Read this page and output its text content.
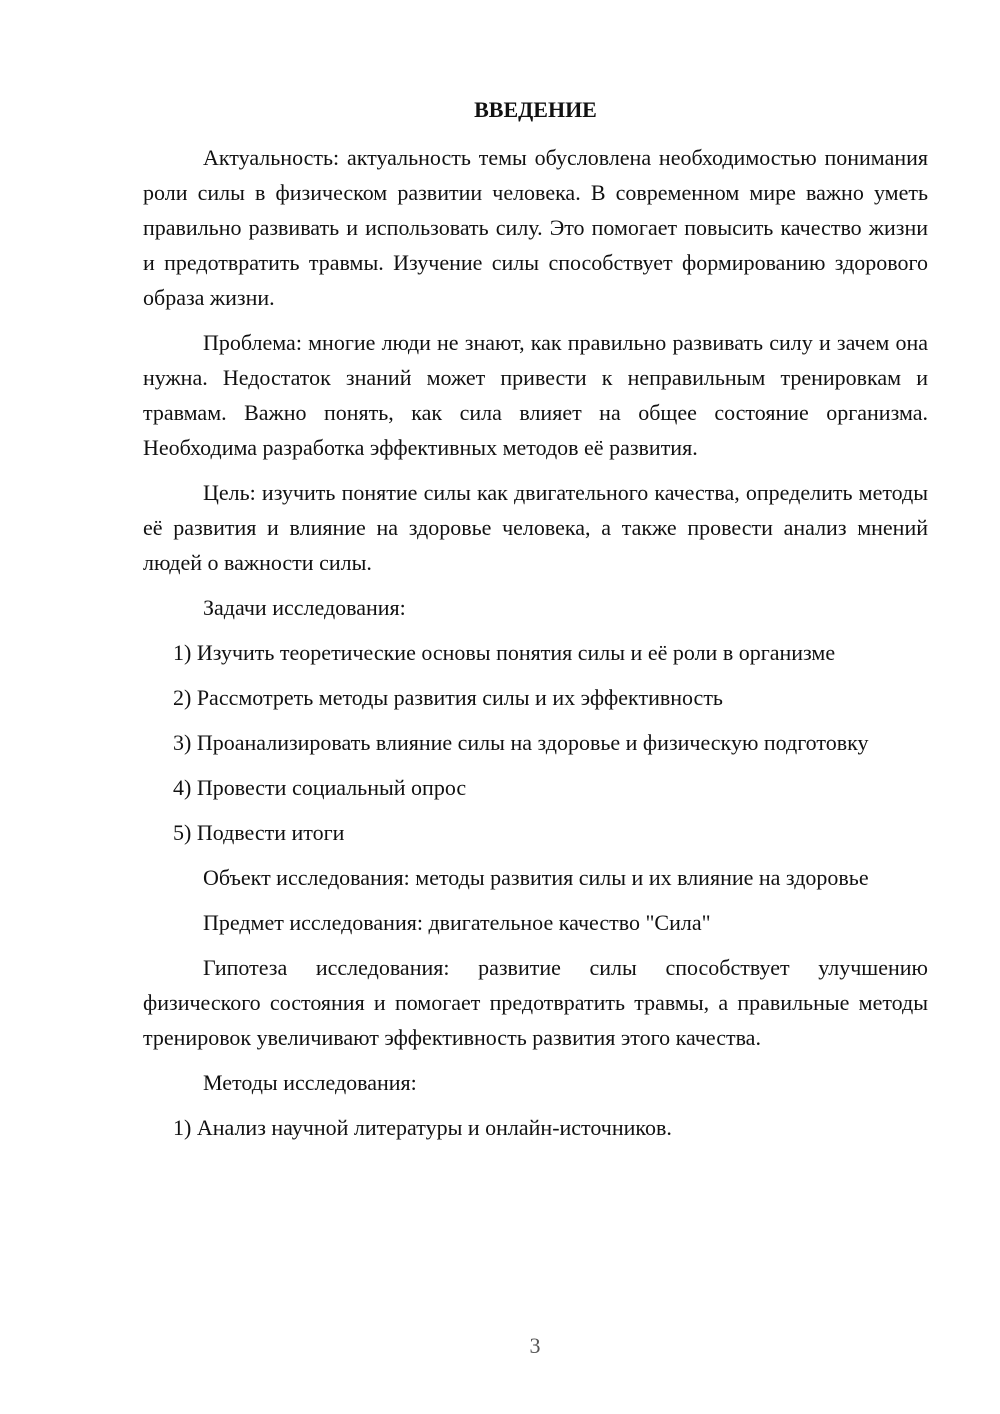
ВВЕДЕНИЕ
Актуальность: актуальность темы обусловлена необходимостью понимания роли силы в физическом развитии человека. В современном мире важно уметь правильно развивать и использовать силу. Это помогает повысить качество жизни и предотвратить травмы. Изучение силы способствует формированию здорового образа жизни.
Проблема: многие люди не знают, как правильно развивать силу и зачем она нужна. Недостаток знаний может привести к неправильным тренировкам и травмам. Важно понять, как сила влияет на общее состояние организма. Необходима разработка эффективных методов её развития.
Цель: изучить понятие силы как двигательного качества, определить методы её развития и влияние на здоровье человека, а также провести анализ мнений людей о важности силы.
Задачи исследования:
1) Изучить теоретические основы понятия силы и её роли в организме
2) Рассмотреть методы развития силы и их эффективность
3) Проанализировать влияние силы на здоровье и физическую подготовку
4) Провести социальный опрос
5) Подвести итоги
Объект исследования: методы развития силы и их влияние на здоровье
Предмет исследования: двигательное качество "Сила"
Гипотеза исследования: развитие силы способствует улучшению физического состояния и помогает предотвратить травмы, а правильные методы тренировок увеличивают эффективность развития этого качества.
Методы исследования:
1) Анализ научной литературы и онлайн-источников.
3
